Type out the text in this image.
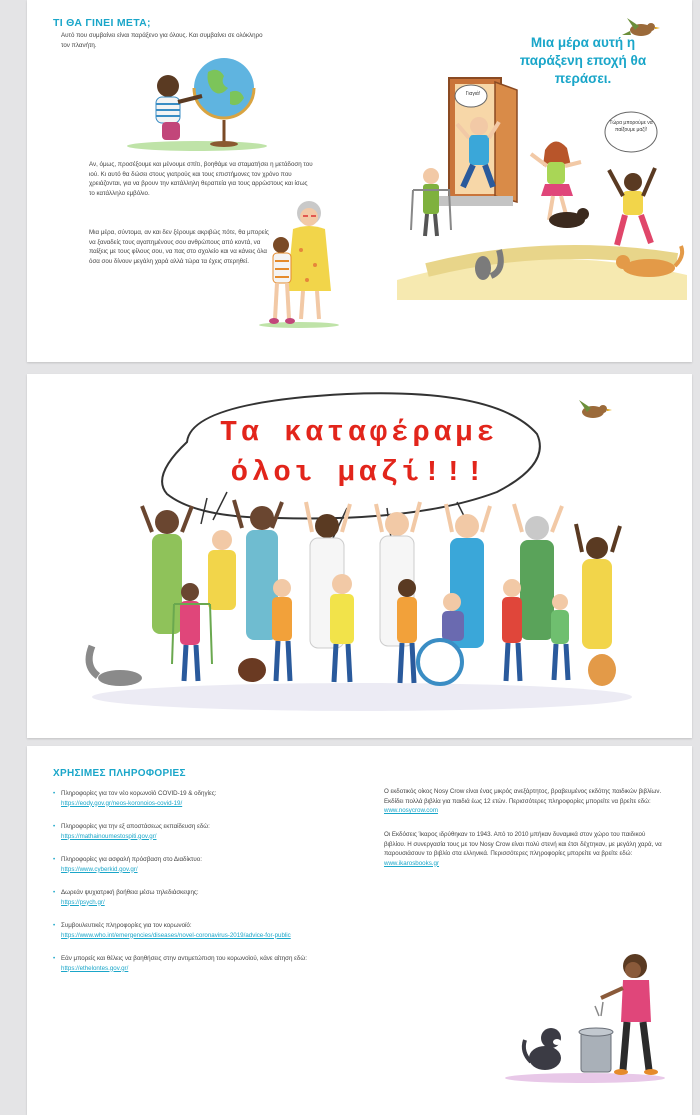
ΤΙ ΘΑ ΓΙΝΕΙ ΜΕΤΑ;
Αυτό που συμβαίνει είναι παράξενο για όλους. Και συμβαίνει σε ολόκληρο τον πλανήτη.
Αν, όμως, προσέξουμε και μένουμε σπίτι, βοηθάμε να σταματήσει η μετάδοση του ιού. Κι αυτό θα δώσει στους γιατρούς και τους επιστήμονες τον χρόνο που χρειάζονται, για να βρουν την κατάλληλη θεραπεία για τους αρρώστους και ίσως το κατάλληλο εμβόλιο.
Μια μέρα, σύντομα, αν και δεν ξέρουμε ακριβώς πότε, θα μπορείς να ξαναδείς τους αγαπημένους σου ανθρώπους από κοντά, να παίξεις με τους φίλους σου, να πας στο σχολείο και να κάνεις όλα όσα σου δίνουν μεγάλη χαρά αλλά τώρα τα έχεις στερηθεί.
Μια μέρα αυτή η παράξενη εποχή θα περάσει.
Γιαγιά!
Τώρα μπορούμε να παίξουμε μαζί!
Τα καταφέραμε
όλοι μαζί!!!
ΧΡΗΣΙΜΕΣ ΠΛΗΡΟΦΟΡΙΕΣ
• Πληροφορίες για τον νέο κορωνοϊό COVID-19 & οδηγίες:
https://eody.gov.gr/neos-koronoios-covid-19/
• Πληροφορίες για την εξ αποστάσεως εκπαίδευση εδώ:
https://mathainoumestospiti.gov.gr/
• Πληροφορίες για ασφαλή πρόσβαση στο Διαδίκτυο:
https://www.cyberkid.gov.gr/
• Δωρεάν ψυχιατρική βοήθεια μέσω τηλεδιάσκεψης:
https://psych.gr/
• Συμβουλευτικές πληροφορίες για τον κορωνοϊό:
https://www.who.int/emergencies/diseases/novel-coronavirus-2019/advice-for-public
• Εάν μπορείς και θέλεις να βοηθήσεις στην αντιμετώπιση του κορωνοϊού, κάνε αίτηση εδώ:
https://ethelontes.gov.gr/

Ο εκδοτικός οίκος Nosy Crow είναι ένας μικρός ανεξάρτητος, βραβευμένος εκδότης παιδικών βιβλίων. Εκδίδει πολλά βιβλία για παιδιά έως 12 ετών. Περισσότερες πληροφορίες μπορείτε να βρείτε εδώ: www.nosycrow.com

Οι Εκδόσεις Ίκαρος ιδρύθηκαν το 1943. Από το 2010 μπήκαν δυναμικά στον χώρο του παιδικού βιβλίου. Η συνεργασία τους με τον Nosy Crow είναι πολύ στενή και έτσι δέχτηκαν, με μεγάλη χαρά, να παρουσιάσουν το βιβλίο στα ελληνικά. Περισσότερες πληροφορίες μπορείτε να βρείτε εδώ: www.ikarosbooks.gr
